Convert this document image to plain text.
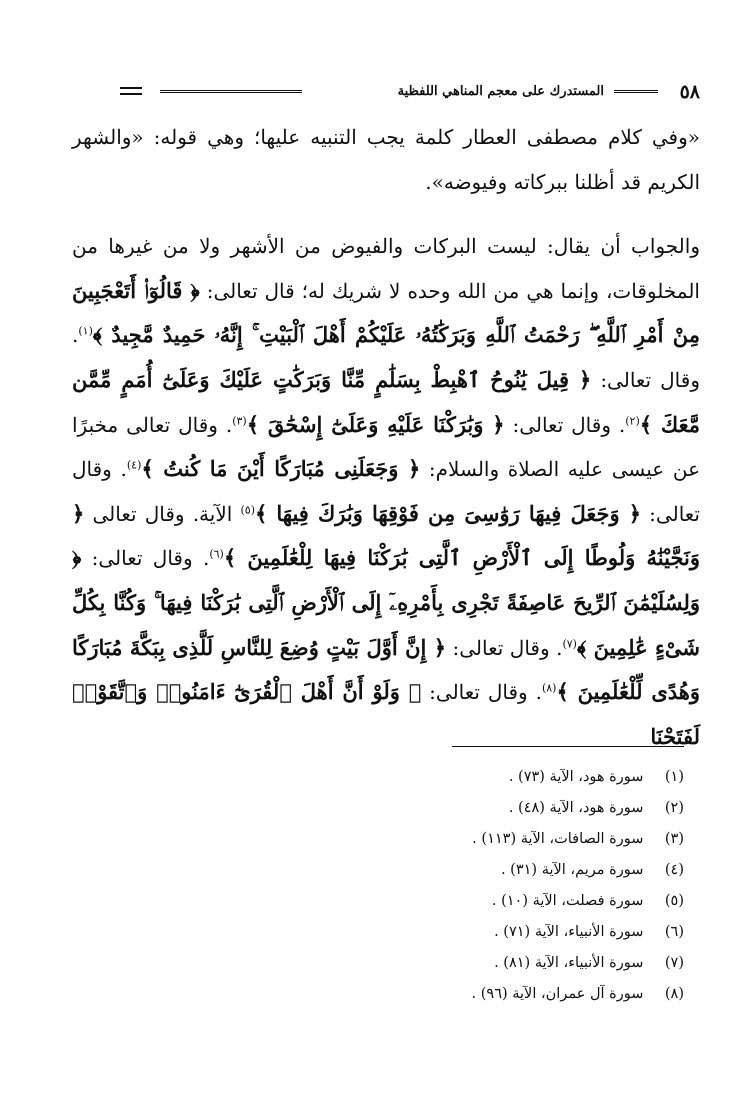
٥٨
المستدرك على معجم المناهي اللفظية

«وفي كلام مصطفى العطار كلمة يجب التنبيه عليها؛ وهي قوله: «والشهر الكريم قد أظلنا ببركاته وفيوضه».

والجواب أن يقال: ليست البركات والفيوض من الأشهر ولا من غيرها من المخلوقات، وإنما هي من الله وحده لا شريك له؛ قال تعالى: ﴿ قَالُوٓا۟ أَتَعْجَبِينَ مِنْ أَمْرِ ٱللَّهِ ۖ رَحْمَتُ ٱللَّهِ وَبَرَكَٰتُهُۥ عَلَيْكُمْ أَهْلَ ٱلْبَيْتِ ۚ إِنَّهُۥ حَمِيدٌ مَّجِيدٌ ﴾$^{(١)}$. وقال تعالى: ﴿ قِيلَ يَٰنُوحُ ٱهْبِطْ بِسَلَٰمٍ مِّنَّا وَبَرَكَٰتٍ عَلَيْكَ وَعَلَىٰٓ أُمَمٍ مِّمَّن مَّعَكَ ﴾$^{(٢)}$. وقال تعالى: ﴿ وَبَٰرَكْنَا عَلَيْهِ وَعَلَىٰٓ إِسْحَٰقَ ﴾$^{(٣)}$. وقال تعالى مخبرًا عن عيسى عليه الصلاة والسلام: ﴿ وَجَعَلَنِى مُبَارَكًا أَيْنَ مَا كُنتُ ﴾$^{(٤)}$. وقال تعالى: ﴿ وَجَعَلَ فِيهَا رَوَٰسِىَ مِن فَوْقِهَا وَبَٰرَكَ فِيهَا ﴾$^{(٥)}$ الآية. وقال تعالى ﴿ وَنَجَّيْنَٰهُ وَلُوطًا إِلَى ٱلْأَرْضِ ٱلَّتِى بَٰرَكْنَا فِيهَا لِلْعَٰلَمِينَ ﴾$^{(٦)}$. وقال تعالى: ﴿ وَلِسُلَيْمَٰنَ ٱلرِّيحَ عَاصِفَةً تَجْرِى بِأَمْرِهِۦٓ إِلَى ٱلْأَرْضِ ٱلَّتِى بَٰرَكْنَا فِيهَا ۚ وَكُنَّا بِكُلِّ شَىْءٍ عَٰلِمِينَ ﴾$^{(٧)}$. وقال تعالى: ﴿ إِنَّ أَوَّلَ بَيْتٍ وُضِعَ لِلنَّاسِ لَلَّذِى بِبَكَّةَ مُبَارَكًا وَهُدًى لِّلْعَٰلَمِينَ ﴾$^{(٨)}$. وقال تعالى: ﴿ وَلَوْ أَنَّ أَهْلَ ٱلْقُرَىٰٓ ءَامَنُوا۟ وَٱتَّقَوْا۟ لَفَتَحْنَا

(١) سورة هود، الآية (٧٣) .
(٢) سورة هود، الآية (٤٨) .
(٣) سورة الصافات، الآية (١١٣) .
(٤) سورة مريم، الآية (٣١) .
(٥) سورة فصلت، الآية (١٠) .
(٦) سورة الأنبياء، الآية (٧١) .
(٧) سورة الأنبياء، الآية (٨١) .
(٨) سورة آل عمران، الآية (٩٦) .
